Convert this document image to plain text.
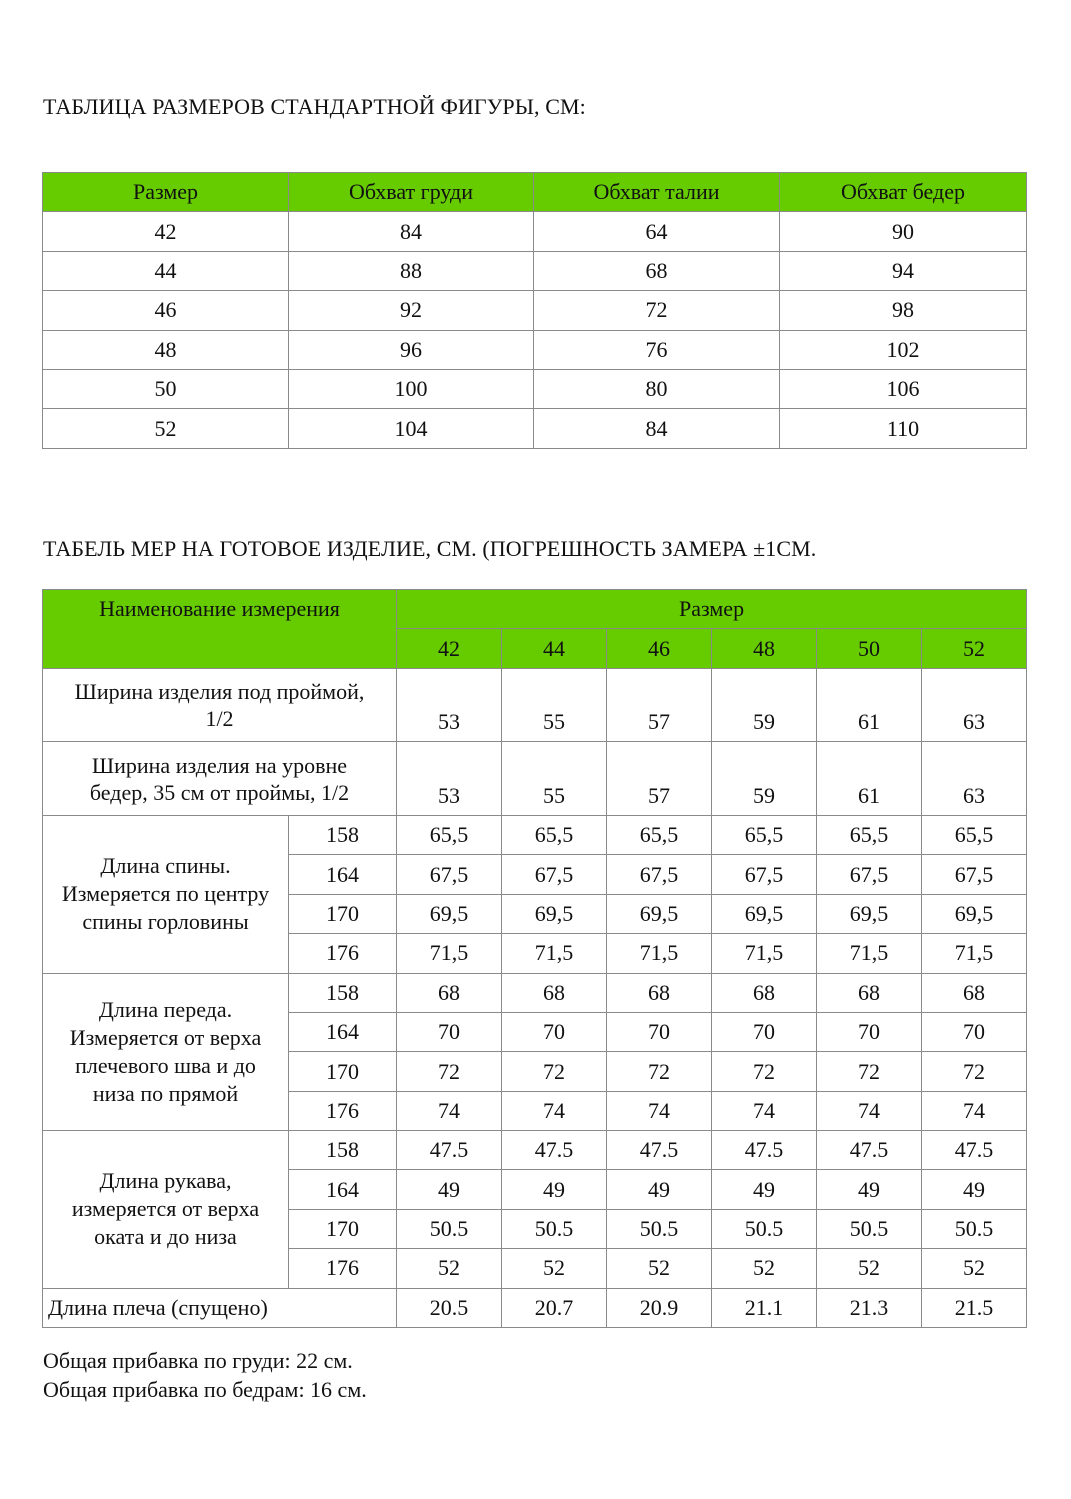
ТАБЛИЦА РАЗМЕРОВ СТАНДАРТНОЙ ФИГУРЫ, СМ:
Размер	Обхват груди	Обхват талии	Обхват бедер
42	84	64	90
44	88	68	94
46	92	72	98
48	96	76	102
50	100	80	106
52	104	84	110
ТАБЕЛЬ МЕР НА ГОТОВОЕ ИЗДЕЛИЕ, СМ. (ПОГРЕШНОСТЬ ЗАМЕРА ±1СМ.
Наименование измерения		Размер					
		42	44	46	48	50	52

Ширина изделия под проймой,
1/2		53	55	57	59	61	63

Ширина изделия на уровне
бедер, 35 см от проймы, 1/2		53	55	57	59	61	63

Длина спины.
Измеряется по центру
спины горловины	158	65,5	65,5	65,5	65,5	65,5	65,5
	164	67,5	67,5	67,5	67,5	67,5	67,5
	170	69,5	69,5	69,5	69,5	69,5	69,5
	176	71,5	71,5	71,5	71,5	71,5	71,5

Длина переда.
Измеряется от верха
плечевого шва и до
низа по прямой	158	68	68	68	68	68	68
	164	70	70	70	70	70	70
	170	72	72	72	72	72	72
	176	74	74	74	74	74	74

Длина рукава,
измеряется от верха
оката и до низа	158	47.5	47.5	47.5	47.5	47.5	47.5
	164	49	49	49	49	49	49
	170	50.5	50.5	50.5	50.5	50.5	50.5
	176	52	52	52	52	52	52
Длина плеча (спущено)		20.5	20.7	20.9	21.1	21.3	21.5
Общая прибавка по груди: 22 см.
Общая прибавка по бедрам: 16 см.
